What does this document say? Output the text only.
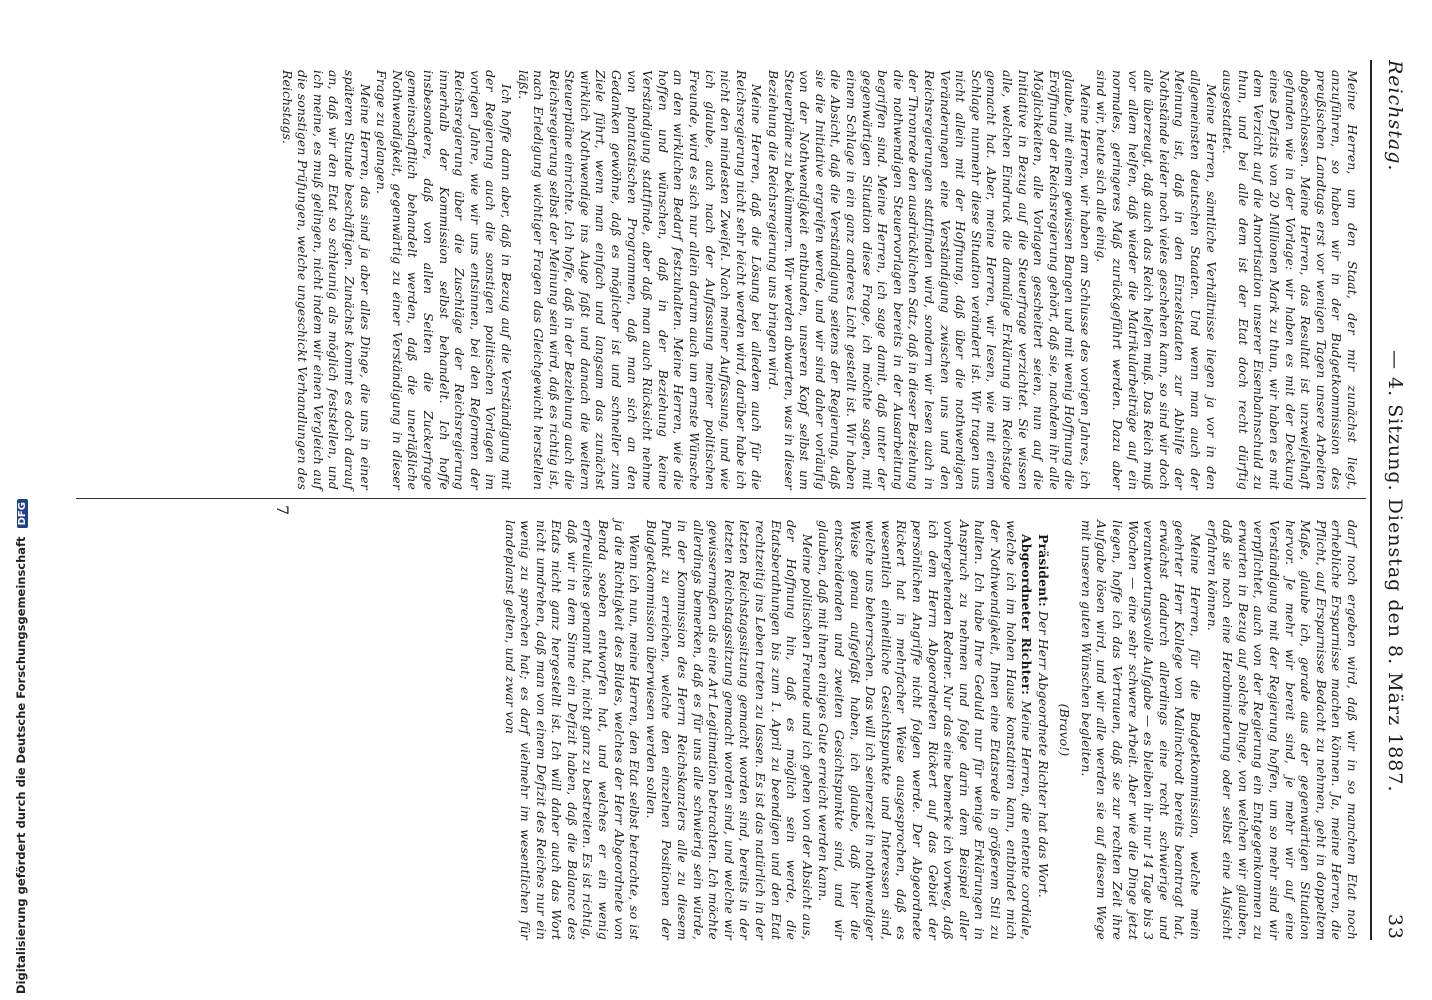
Reichstag.
— 4. Sitzung. Dienstag den 8. März 1887.
33

Meine Herren, um den Staat, der mir zunächst liegt, anzuführen, so haben wir in der Budgetkommission des preußischen Landtags erst vor wenigen Tagen unsere Arbeiten abgeschlossen. Meine Herren, das Resultat ist unzweifelhaft gefunden wie in der Vorlage: wir haben es mit der Deckung eines Defizits von 20 Millionen Mark zu thun, wir haben es mit dem Verzicht auf die Amortisation unserer Eisenbahnschuld zu thun, und bei alle dem ist der Etat doch recht dürftig ausgestattet.

Meine Herren, sämtliche Verhältnisse liegen ja vor in den allgemeinsten deutschen Staaten. Und wenn man auch der Meinung ist, daß in den Einzelstaaten zur Abhilfe der Nothstände leider noch vieles geschehen kann, so sind wir doch alle überzeugt, daß auch das Reich helfen muß. Das Reich muß vor allem helfen, daß wieder die Matrikularbeiträge auf ein normales, geringeres Maß zurückgeführt werden. Dazu aber sind wir, heute sich alle einig.

Meine Herren, wir haben am Schlusse des vorigen Jahres, ich glaube, mit einem gewissen Bangen und mit wenig Hoffnung die Eröffnung der Reichsregierung gehört, daß sie, nachdem ihr alle Möglichkeiten, alle Vorlagen gescheitert seien, nun auf die Initiative in Bezug auf die Steuerfrage verzichtet. Sie wissen alle, welchen Eindruck die damalige Erklärung im Reichstage gemacht hat. Aber, meine Herren, wir lesen, wie mit einem Schlage nunmehr diese Situation verändert ist. Wir tragen uns nicht allein mit der Hoffnung, daß über die nothwendigen Veränderungen eine Verständigung zwischen uns und den Reichsregierungen stattfinden wird, sondern wir lesen auch in der Thronrede den ausdrücklichen Satz, daß in dieser Beziehung die nothwendigen Steuervorlagen bereits in der Ausarbeitung begriffen sind. Meine Herren, ich sage damit, daß unter der gegenwärtigen Situation diese Frage, ich möchte sagen, mit einem Schlage in ein ganz anderes Licht gestellt ist. Wir haben die Absicht, daß die Verständigung seitens der Regierung, daß sie die Initiative ergreifen werde, und wir sind daher vorläufig von der Nothwendigkeit entbunden, unseren Kopf selbst um Steuerpläne zu bekümmern. Wir werden abwarten, was in dieser Beziehung die Reichsregierung uns bringen wird.

Meine Herren, daß die Lösung bei alledem auch für die Reichsregierung nicht sehr leicht werden wird, darüber habe ich nicht den mindesten Zweifel. Nach meiner Auffassung, und wie ich glaube, auch nach der Auffassung meiner politischen Freunde, wird es sich nur allein darum auch um ernste Wünsche an den wirklichen Bedarf festzuhalten. Meine Herren, wie die hoffen und wünschen, daß in der Beziehung keine Verständigung stattfinde, aber daß man auch Rücksicht nehme von phantastischen Programmen, daß man sich an den Gedanken gewöhne, daß es möglicher ist und schneller zum Ziele führt, wenn man einfach und langsam das zunächst wirklich Nothwendige ins Auge faßt und danach die weitern Steuerpläne einrichte. Ich hoffe, daß in der Beziehung auch die Reichsregierung selbst der Meinung sein wird, daß es richtig ist, nach Erledigung wichtiger Fragen das Gleichgewicht herstellen läßt.

Ich hoffe dann aber, daß in Bezug auf die Verständigung mit der Regierung auch die sonstigen politischen Vorlagen im vorigen Jahre, wie wir uns entsinnen, bei den Reformen der Reichsregierung über die Zuschläge der Reichsregierung innerhalb der Kommission selbst behandelt. Ich hoffe insbesondere, daß von allen Seiten die Zuckerfrage gemeinschaftlich behandelt werden, daß die unerläßliche Nothwendigkeit, gegenwärtig zu einer Verständigung in dieser Frage zu gelangen.

Meine Herren, das sind ja aber alles Dinge, die uns in einer späteren Stunde beschäftigen. Zunächst kommt es doch darauf an, daß wir den Etat so schleunig als möglich feststellen, und ich meine, es muß gelingen, nicht indem wir einen Vergleich auf die sonstigen Prüfungen, welche ungeschickt Verhandlungen des Reichstags.

darf noch ergeben wird, daß wir in so manchem Etat noch erhebliche Ersparnisse machen können. Ja, meine Herren, die Pflicht, auf Ersparnisse Bedacht zu nehmen, geht in doppeltem Maße, glaube ich, gerade aus der gegenwärtigen Situation hervor. Je mehr wir bereit sind, je mehr wir auf eine Verständigung mit der Regierung hoffen, um so mehr sind wir verpflichtet, auch von der Regierung ein Entgegenkommen zu erwarten in Bezug auf solche Dinge, von welchen wir glauben, daß sie noch eine Herabminderung oder selbst eine Aufsicht erfahren können.

Meine Herren, für die Budgetkommission, welche mein geehrter Herr Kollege von Malinckrodt bereits beantragt hat, erwächst dadurch allerdings eine recht schwierige und verantwortungsvolle Aufgabe — es bleiben ihr nur 14 Tage bis 3 Wochen — eine sehr schwere Arbeit. Aber wie die Dinge jetzt liegen, hoffe ich das Vertrauen, daß sie zur rechten Zeit ihre Aufgabe lösen wird, und wir alle werden sie auf diesem Wege mit unseren guten Wünschen begleiten.

(Bravo!)

Präsident: Der Herr Abgeordnete Richter hat das Wort.

Abgeordneter Richter: Meine Herren, die entente cordiale, welche ich im hohen Hause konstatiren kann, entbindet mich der Nothwendigkeit, Ihnen eine Etatsrede in größerem Stil zu halten. Ich habe Ihre Geduld nur für wenige Erklärungen in Anspruch zu nehmen und folge darin dem Beispiel aller vorhergehenden Redner. Nur das eine bemerke ich vorweg, daß ich dem Herrn Abgeordneten Rickert auf das Gebiet der persönlichen Angriffe nicht folgen werde. Der Abgeordnete Rickert hat in mehrfacher Weise ausgesprochen, daß es wesentlich einheitliche Gesichtspunkte und Interessen sind, welche uns beherrschen. Das will ich seinerzeit in nothwendiger Weise genau aufgefaßt haben, ich glaube, daß hier die entscheidenden und zweiten Gesichtspunkte sind, und wir glauben, daß mit ihnen einiges Gute erreicht werden kann.

Meine politischen Freunde und ich gehen von der Absicht aus, der Hoffnung hin, daß es möglich sein werde, die Etatsberathungen bis zum 1. April zu beendigen und den Etat rechtzeitig ins Leben treten zu lassen. Es ist das natürlich in der letzten Reichstagssitzung gemacht worden sind, bereits in der letzten Reichstagssitzung gemacht worden sind, und welche wir gewissermaßen als eine Art Legitimation betrachten. Ich möchte allerdings bemerken, daß es für uns alle schwierig sein würde, in der Kommission des Herrn Reichskanzlers alle zu diesem Punkt zu erreichen, welche den einzelnen Positionen der Budgetkommission überwiesen werden sollen.

Wenn ich nun, meine Herren, den Etat selbst betrachte, so ist ja die Richtigkeit des Bildes, welches der Herr Abgeordnete von Benda soeben entworfen hat, und welches er ein wenig erfreuliches genannt hat, nicht ganz zu bestreiten. Es ist richtig, daß wir in dem Sinne ein Defizit haben, daß die Balance des Etats nicht ganz hergestellt ist. Ich will daher auch das Wort nicht umdrehen, daß man von einem Defizit des Reiches nur ein wenig zu sprechen hat; es darf vielmehr im wesentlichen für landeplanst gelten, und zwar von

7
Digitalisierung gefördert durch die Deutsche Forschungsgemeinschaft DFG
